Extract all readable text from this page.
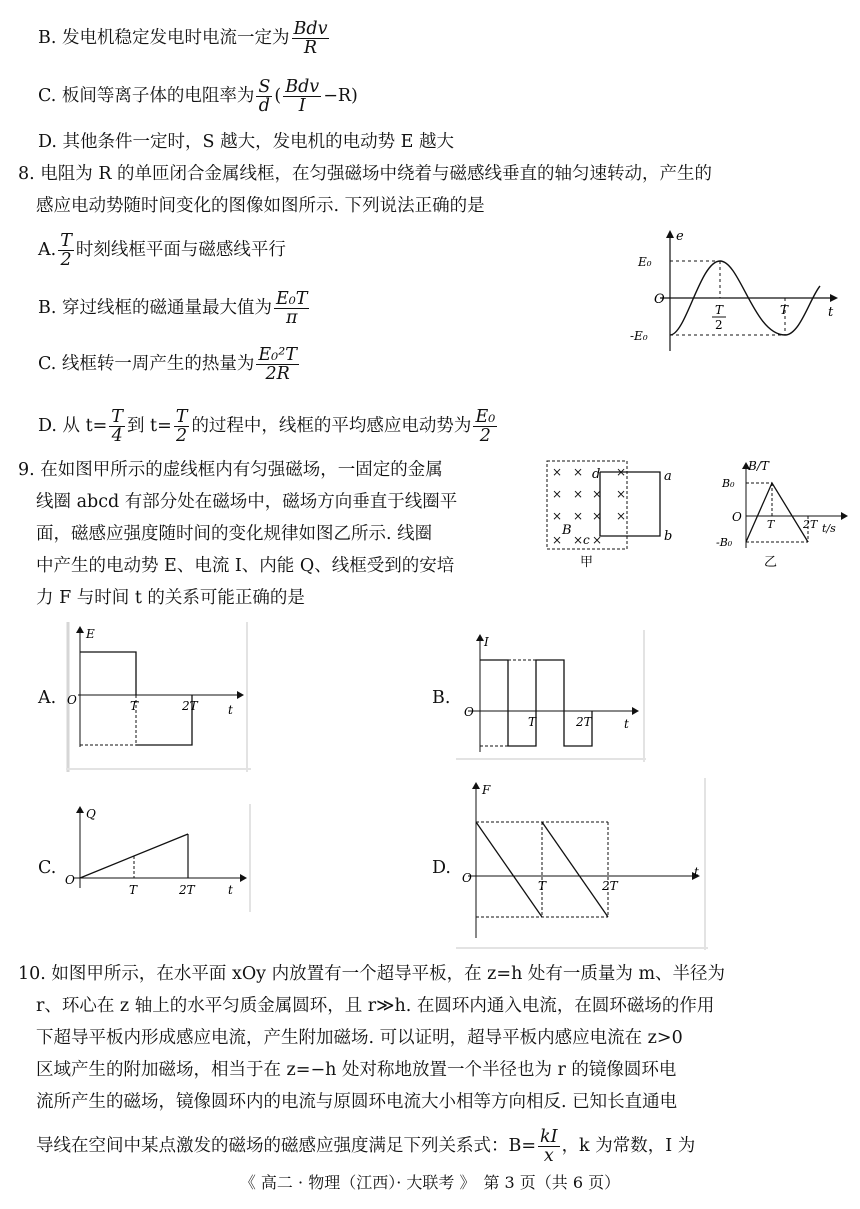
B. 发电机稳定发电时电流一定为 $\frac{\text{Bdv}}{R}$
C. 板间等离子体的电阻率为 $\frac{S}{d}$ ( $\frac{\text{Bdv}}{I} -R$)
D. 其他条件一定时，S 越大，发电机的电动势 E 越大
8. 电阻为 R 的单匝闭合金属线框，在匀强磁场中绕着与磁感线垂直的轴匀速转动，产生的
感应电动势随时间变化的图像如图所示. 下列说法正确的是
A. $\frac{T}{2}$ 时刻线框平面与磁感线平行
B. 穿过线框的磁通量最大值为 $\frac{\text{E₀T}}{\pi}$
C. 线框转一周产生的热量为 $\frac{\text{E₀²T}}{2R}$
D. 从 $t= \frac{T}{4}$ 到 $t= \frac{T}{2}$ 的过程中，线框的平均感应电动势为 $\frac{\text{E₀}}{2}$
e
t
O
E₀
-E₀
T
2
T
9. 在如图甲所示的虚线框内有匀强磁场，一固定的金属
线圈 abcd 有部分处在磁场中，磁场方向垂直于线圈平
面，磁感应强度随时间的变化规律如图乙所示. 线圈
中产生的电动势 E、电流 I、内能 Q、线框受到的安培
力 F 与时间 t 的关系可能正确的是
× ×	×
× × × ×
× × × ×
× × ×
d	a
b
c
B
甲
B/T
t/s
O
B₀
-B₀
T	2T
乙
A.
E
O	T	2T	t
B.
I
O
T	2T	t
C.
Q
O
T	2T	t
D.
F
O
T	2T
t
10. 如图甲所示，在水平面 xOy 内放置有一个超导平板，在 z=h 处有一质量为 m、半径为
r、环心在 z 轴上的水平匀质金属圆环，且 r≫h. 在圆环内通入电流，在圆环磁场的作用
下超导平板内形成感应电流，产生附加磁场. 可以证明，超导平板内感应电流在 z>0
区域产生的附加磁场，相当于在 z=−h 处对称地放置一个半径也为 r 的镜像圆环电
流所产生的磁场，镜像圆环内的电流与原圆环电流大小相等方向相反. 已知长直通电
导线在空间中某点激发的磁场的磁感应强度满足下列关系式：$B= \frac{kI}{x}$ ，k 为常数，I 为
《 高二 · 物理（江西）· 大联考 》　第 3 页（共 6 页）
